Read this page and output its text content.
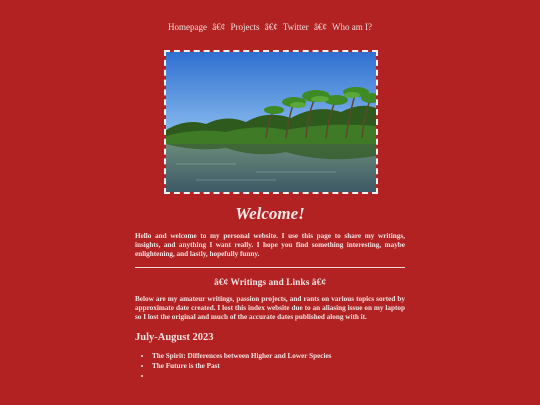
Homepage â€¢ Projects â€¢ Twitter â€¢ Who am I?
Welcome!

Hello and welcome to my personal website. I use this page to share my writings, insights, and anything I want really. I hope you find something interesting, maybe enlightening, and lastly, hopefully funny.

â€¢ Writings and Links â€¢

Below are my amateur writings, passion projects, and rants on various topics sorted by approximate date created. I lost this index website due to an aliasing issue on my laptop so I lost the original and much of the accurate dates published along with it.

July-August 2023
• The Spirit: Differences between Higher and Lower Species
• The Future is the Past
•
